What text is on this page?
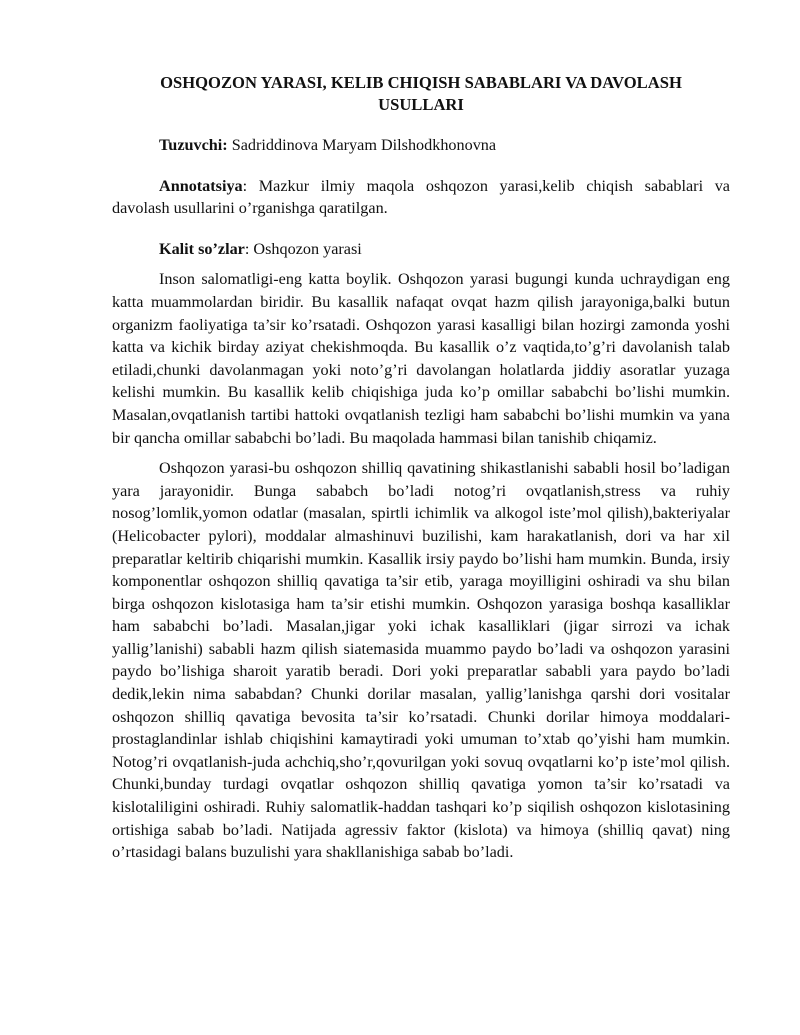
OSHQOZON YARASI, KELIB CHIQISH SABABLARI VA DAVOLASH USULLARI
Tuzuvchi: Sadriddinova Maryam Dilshodkhonovna
Annotatsiya: Mazkur ilmiy maqola oshqozon yarasi,kelib chiqish sabablari va davolash usullarini o’rganishga qaratilgan.
Kalit so’zlar: Oshqozon yarasi

Inson salomatligi-eng katta boylik. Oshqozon yarasi bugungi kunda uchraydigan eng katta muammolardan biridir. Bu kasallik nafaqat ovqat hazm qilish jarayoniga,balki butun organizm faoliyatiga ta’sir ko’rsatadi. Oshqozon yarasi kasalligi bilan hozirgi zamonda yoshi katta va kichik birday aziyat chekishmoqda. Bu kasallik o’z vaqtida,to’g’ri davolanish talab etiladi,chunki davolanmagan yoki noto’g’ri davolangan holatlarda jiddiy asoratlar yuzaga kelishi mumkin. Bu kasallik kelib chiqishiga juda ko’p omillar sababchi bo’lishi mumkin. Masalan,ovqatlanish tartibi hattoki ovqatlanish tezligi ham sababchi bo’lishi mumkin va yana bir qancha omillar sababchi bo’ladi. Bu maqolada hammasi bilan tanishib chiqamiz.

Oshqozon yarasi-bu oshqozon shilliq qavatining shikastlanishi sababli hosil bo’ladigan yara jarayonidir. Bunga sababch bo’ladi notog’ri ovqatlanish,stress va ruhiy nosog’lomlik,yomon odatlar (masalan, spirtli ichimlik va alkogol iste’mol qilish),bakteriyalar (Helicobacter pylori), moddalar almashinuvi buzilishi, kam harakatlanish, dori va har xil preparatlar keltirib chiqarishi mumkin. Kasallik irsiy paydo bo’lishi ham mumkin. Bunda, irsiy komponentlar oshqozon shilliq qavatiga ta’sir etib, yaraga moyilligini oshiradi va shu bilan birga oshqozon kislotasiga ham ta’sir etishi mumkin. Oshqozon yarasiga boshqa kasalliklar ham sababchi bo’ladi. Masalan,jigar yoki ichak kasalliklari (jigar sirrozi va ichak yallig’lanishi) sababli hazm qilish siatemasida muammo paydo bo’ladi va oshqozon yarasini paydo bo’lishiga sharoit yaratib beradi. Dori yoki preparatlar sababli yara paydo bo’ladi dedik,lekin nima sababdan? Chunki dorilar masalan, yallig’lanishga qarshi dori vositalar oshqozon shilliq qavatiga bevosita ta’sir ko’rsatadi. Chunki dorilar himoya moddalari-prostaglandinlar ishlab chiqishini kamaytiradi yoki umuman to’xtab qo’yishi ham mumkin. Notog’ri ovqatlanish-juda achchiq,sho’r,qovurilgan yoki sovuq ovqatlarni ko’p iste’mol qilish. Chunki,bunday turdagi ovqatlar oshqozon shilliq qavatiga yomon ta’sir ko’rsatadi va kislotaliligini oshiradi. Ruhiy salomatlik-haddan tashqari ko’p siqilish oshqozon kislotasining ortishiga sabab bo’ladi. Natijada agressiv faktor (kislota) va himoya (shilliq qavat) ning o’rtasidagi balans buzulishi yara shakllanishiga sabab bo’ladi.
